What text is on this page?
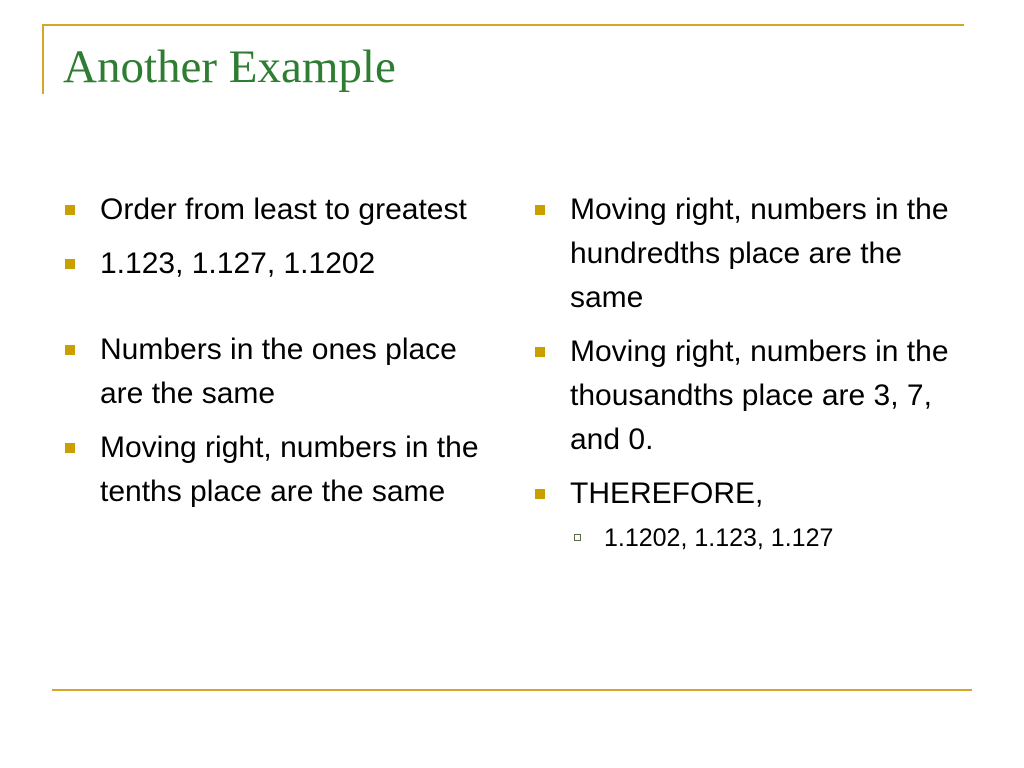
Another Example
Order from least to greatest
1.123, 1.127, 1.1202
Numbers in the ones place are the same
Moving right, numbers in the tenths place are the same
Moving right, numbers in the hundredths place are the same
Moving right, numbers in the thousandths place are 3, 7, and 0.
THEREFORE,
1.1202, 1.123, 1.127
